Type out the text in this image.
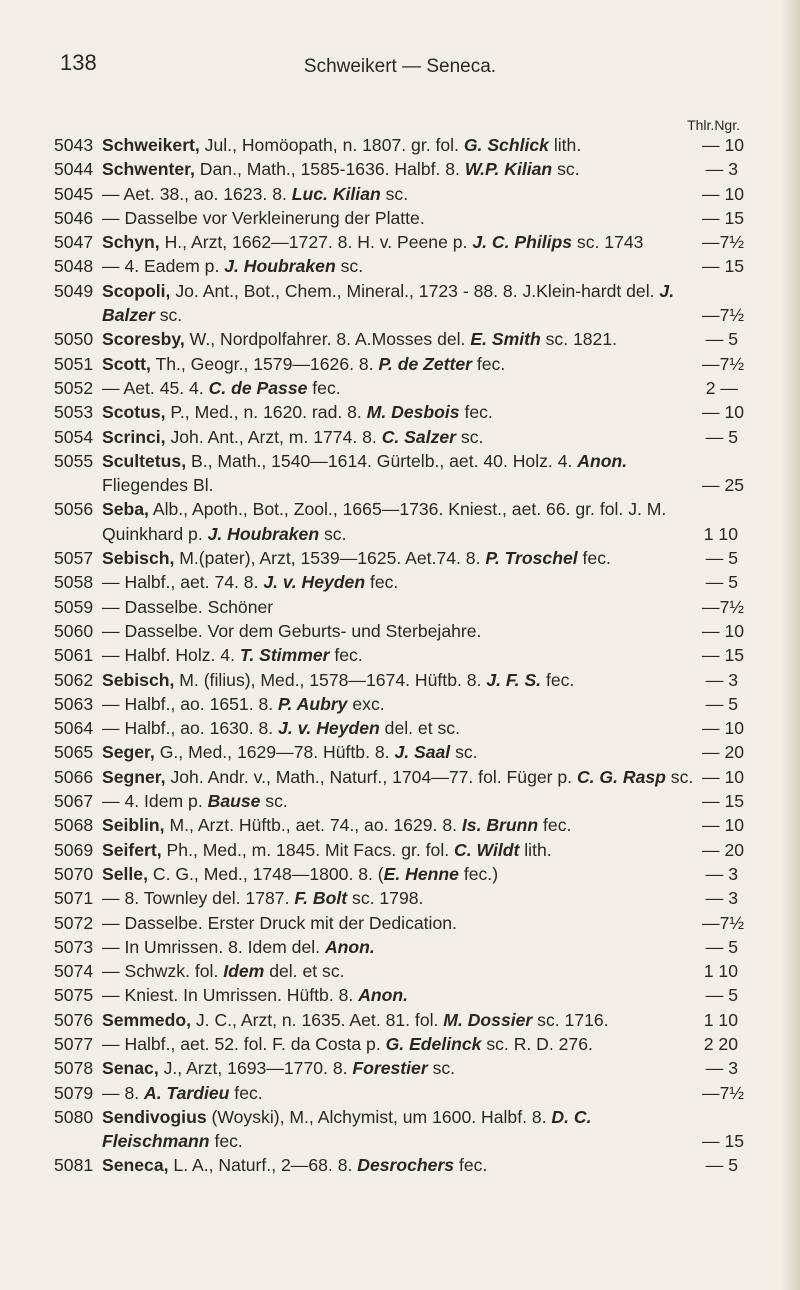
138	Schweikert — Seneca.
Thlr.Ngr.
5043 Schweikert, Jul., Homöopath, n. 1807. gr. fol. G. Schlick lith.	— 10
5044 Schwenter, Dan., Math., 1585-1636. Halbf. 8. W.P. Kilian sc.	— 3
5045 — Aet. 38., ao. 1623. 8. Luc. Kilian sc.	— 10
5046 — Dasselbe vor Verkleinerung der Platte.	— 15
5047 Schyn, H., Arzt, 1662—1727. 8. H. v. Peene p. J. C. Philips sc. 1743	—7½
5048 — 4. Eadem p. J. Houbraken sc.	— 15
5049 Scopoli, Jo. Ant., Bot., Chem., Mineral., 1723 - 88. 8. J.Klein-hardt del. J. Balzer sc.	—7½
5050 Scoresby, W., Nordpolfahrer. 8. A.Mosses del. E. Smith sc. 1821.	— 5
5051 Scott, Th., Geogr., 1579—1626. 8. P. de Zetter fec.	—7½
5052 — Aet. 45. 4. C. de Passe fec.	2 —
5053 Scotus, P., Med., n. 1620. rad. 8. M. Desbois fec.	— 10
5054 Scrinci, Joh. Ant., Arzt, m. 1774. 8. C. Salzer sc.	— 5
5055 Scultetus, B., Math., 1540—1614. Gürtelb., aet. 40. Holz. 4. Anon. Fliegendes Bl.	— 25
5056 Seba, Alb., Apoth., Bot., Zool., 1665—1736. Kniest., aet. 66. gr. fol. J. M. Quinkhard p. J. Houbraken sc.	1 10
5057 Sebisch, M.(pater), Arzt, 1539—1625. Aet.74. 8. P. Troschel fec.	— 5
5058 — Halbf., aet. 74. 8. J. v. Heyden fec.	— 5
5059 — Dasselbe. Schöner	—7½
5060 — Dasselbe. Vor dem Geburts- und Sterbejahre.	— 10
5061 — Halbf. Holz. 4. T. Stimmer fec.	— 15
5062 Sebisch, M. (filius), Med., 1578—1674. Hüftb. 8. J. F. S. fec.	— 3
5063 — Halbf., ao. 1651. 8. P. Aubry exc.	— 5
5064 — Halbf., ao. 1630. 8. J. v. Heyden del. et sc.	— 10
5065 Seger, G., Med., 1629—78. Hüftb. 8. J. Saal sc.	— 20
5066 Segner, Joh. Andr. v., Math., Naturf., 1704—77. fol. Füger p. C. G. Rasp sc. — 10
5067 — 4. Idem p. Bause sc.	— 15
5068 Seiblin, M., Arzt. Hüftb., aet. 74., ao. 1629. 8. Is. Brunn fec.	— 10
5069 Seifert, Ph., Med., m. 1845. Mit Facs. gr. fol. C. Wildt lith.	— 20
5070 Selle, C. G., Med., 1748—1800. 8. (E. Henne fec.)	— 3
5071 — 8. Townley del. 1787. F. Bolt sc. 1798.	— 3
5072 — Dasselbe. Erster Druck mit der Dedication.	—7½
5073 — In Umrissen. 8. Idem del. Anon.	— 5
5074 — Schwzk. fol. Idem del. et sc.	1 10
5075 — Kniest. In Umrissen. Hüftb. 8. Anon.	— 5
5076 Semmedo, J. C., Arzt, n. 1635. Aet. 81. fol. M. Dossier sc. 1716.	1 10
5077 — Halbf., aet. 52. fol. F. da Costa p. G. Edelinck sc. R. D. 276.	2 20
5078 Senac, J., Arzt, 1693—1770. 8. Forestier sc.	— 3
5079 — 8. A. Tardieu fec.	—7½
5080 Sendivogius (Woyski), M., Alchymist, um 1600. Halbf. 8. D. C. Fleischmann fec.	— 15
5081 Seneca, L. A., Naturf., 2—68. 8. Desrochers fec.	— 5
